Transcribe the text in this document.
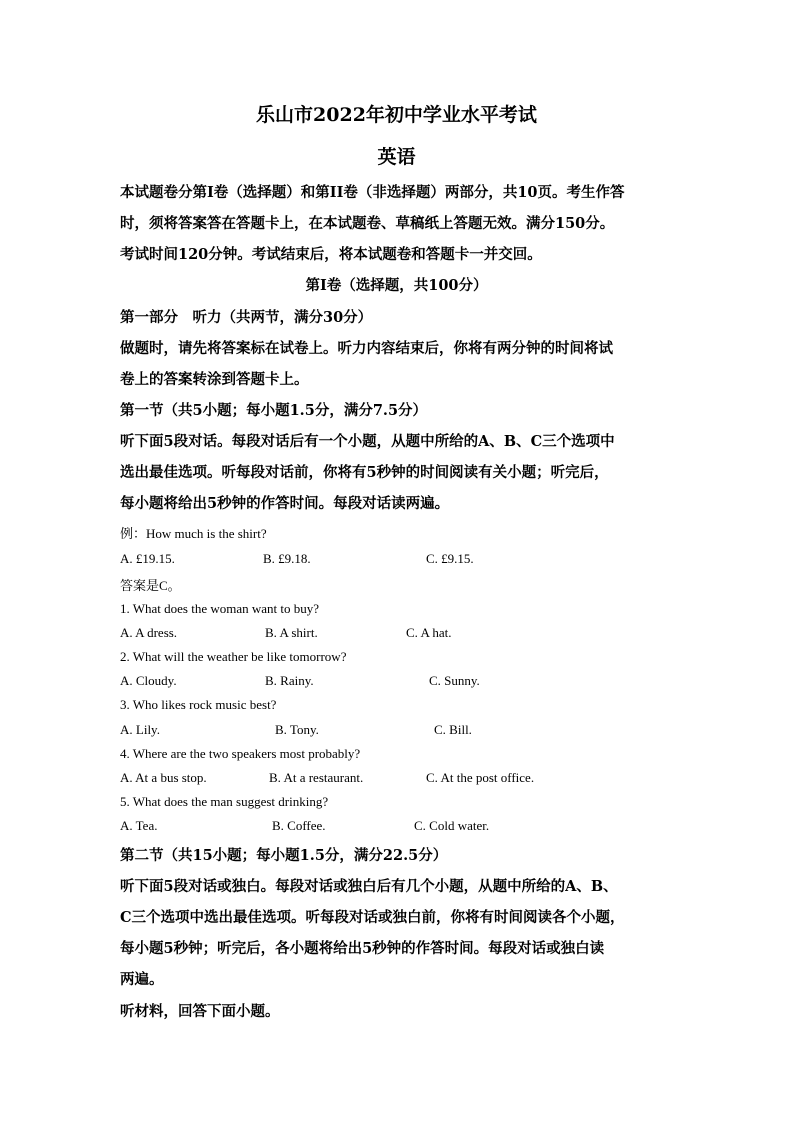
乐山市2022年初中学业水平考试
英语
本试题卷分第I卷（选择题）和第II卷（非选择题）两部分，共10页。考生作答
时，须将答案答在答题卡上，在本试题卷、草稿纸上答题无效。满分150分。
考试时间120分钟。考试结束后，将本试题卷和答题卡一并交回。
第I卷（选择题，共100分）
第一部分　听力（共两节，满分30分）
做题时，请先将答案标在试卷上。听力内容结束后，你将有两分钟的时间将试
卷上的答案转涂到答题卡上。
第一节（共5小题；每小题1.5分，满分7.5分）
听下面5段对话。每段对话后有一个小题，从题中所给的A、B、C三个选项中
选出最佳选项。听每段对话前，你将有5秒钟的时间阅读有关小题；听完后，
每小题将给出5秒钟的作答时间。每段对话读两遍。
例：How much is the shirt?
A. £19.15.	B. £9.18.	C. £9.15.
答案是C。
1. What does the woman want to buy?
A. A dress.	B. A shirt.	C. A hat.
2. What will the weather be like tomorrow?
A. Cloudy.	B. Rainy.	C. Sunny.
3. Who likes rock music best?
A. Lily.	B. Tony.	C. Bill.
4. Where are the two speakers most probably?
A. At a bus stop.	B. At a restaurant.	C. At the post office.
5. What does the man suggest drinking?
A. Tea.	B. Coffee.	C. Cold water.
第二节（共15小题；每小题1.5分，满分22.5分）
听下面5段对话或独白。每段对话或独白后有几个小题，从题中所给的A、B、
C三个选项中选出最佳选项。听每段对话或独白前，你将有时间阅读各个小题，
每小题5秒钟；听完后，各小题将给出5秒钟的作答时间。每段对话或独白读
两遍。
听材料，回答下面小题。
